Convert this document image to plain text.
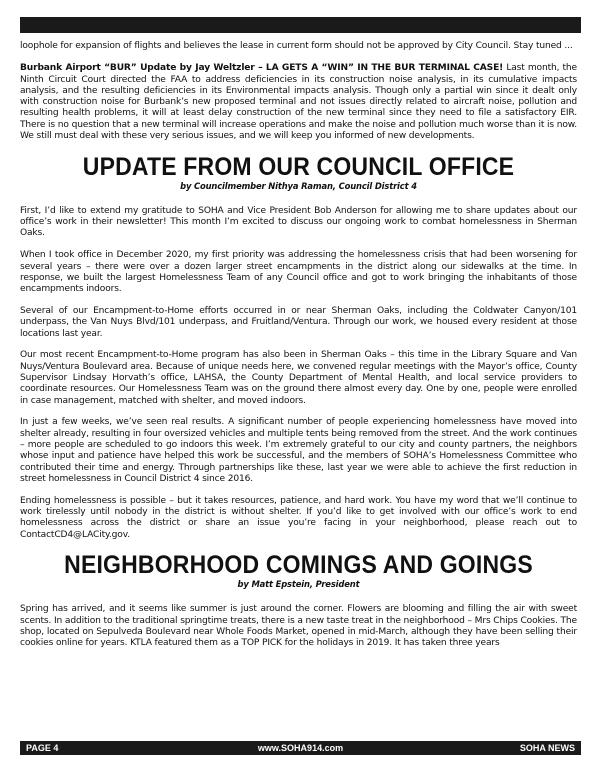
loophole for expansion of flights and believes the lease in current form should not be approved by City Council. Stay tuned ...

Burbank Airport “BUR” Update by Jay Weltzler – LA GETS A “WIN” IN THE BUR TERMINAL CASE! Last month, the Ninth Circuit Court directed the FAA to address deficiencies in its construction noise analysis, in its cumulative impacts analysis, and the resulting deficiencies in its Environmental impacts analysis. Though only a partial win since it dealt only with construction noise for Burbank’s new proposed terminal and not issues directly related to aircraft noise, pollution and resulting health problems, it will at least delay construction of the new terminal since they need to file a satisfactory EIR. There is no question that a new terminal will increase operations and make the noise and pollution much worse than it is now. We still must deal with these very serious issues, and we will keep you informed of new developments.

UPDATE FROM OUR COUNCIL OFFICE
by Councilmember Nithya Raman, Council District 4

First, I’d like to extend my gratitude to SOHA and Vice President Bob Anderson for allowing me to share updates about our office’s work in their newsletter! This month I’m excited to discuss our ongoing work to combat homelessness in Sherman Oaks.

When I took office in December 2020, my first priority was addressing the homelessness crisis that had been worsening for several years – there were over a dozen larger street encampments in the district along our sidewalks at the time. In response, we built the largest Homelessness Team of any Council office and got to work bringing the inhabitants of those encampments indoors.

Several of our Encampment-to-Home efforts occurred in or near Sherman Oaks, including the Coldwater Canyon/101 underpass, the Van Nuys Blvd/101 underpass, and Fruitland/Ventura. Through our work, we housed every resident at those locations last year.

Our most recent Encampment-to-Home program has also been in Sherman Oaks – this time in the Library Square and Van Nuys/Ventura Boulevard area. Because of unique needs here, we convened regular meetings with the Mayor’s office, County Supervisor Lindsay Horvath’s office, LAHSA, the County Department of Mental Health, and local service providers to coordinate resources. Our Homelessness Team was on the ground there almost every day. One by one, people were enrolled in case management, matched with shelter, and moved indoors.

In just a few weeks, we’ve seen real results. A significant number of people experiencing homelessness have moved into shelter already, resulting in four oversized vehicles and multiple tents being removed from the street. And the work continues – more people are scheduled to go indoors this week. I’m extremely grateful to our city and county partners, the neighbors whose input and patience have helped this work be successful, and the members of SOHA’s Homelessness Committee who contributed their time and energy. Through partnerships like these, last year we were able to achieve the first reduction in street homelessness in Council District 4 since 2016.

Ending homelessness is possible – but it takes resources, patience, and hard work. You have my word that we’ll continue to work tirelessly until nobody in the district is without shelter. If you’d like to get involved with our office’s work to end homelessness across the district or share an issue you’re facing in your neighborhood, please reach out to ContactCD4@LACity.gov.

NEIGHBORHOOD COMINGS AND GOINGS
by Matt Epstein, President

Spring has arrived, and it seems like summer is just around the corner. Flowers are blooming and filling the air with sweet scents. In addition to the traditional springtime treats, there is a new taste treat in the neighborhood – Mrs Chips Cookies. The shop, located on Sepulveda Boulevard near Whole Foods Market, opened in mid-March, although they have been selling their cookies online for years. KTLA featured them as a TOP PICK for the holidays in 2019. It has taken three years

PAGE 4	www.SOHA914.com	SOHA NEWS
